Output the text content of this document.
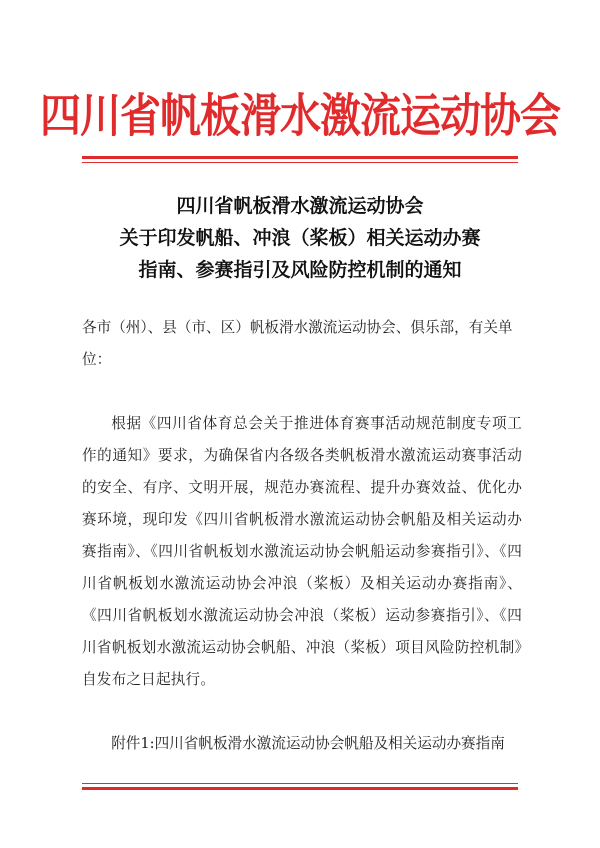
四川省帆板滑水激流运动协会
四川省帆板滑水激流运动协会
关于印发帆船、冲浪（桨板）相关运动办赛
指南、参赛指引及风险防控机制的通知
各市（州）、县（市、区）帆板滑水激流运动协会、俱乐部，有关单位：
根据《四川省体育总会关于推进体育赛事活动规范制度专项工作的通知》要求，为确保省内各级各类帆板滑水激流运动赛事活动的安全、有序、文明开展，规范办赛流程、提升办赛效益、优化办赛环境，现印发《四川省帆板滑水激流运动协会帆船及相关运动办赛指南》、《四川省帆板划水激流运动协会帆船运动参赛指引》、《四川省帆板划水激流运动协会冲浪（桨板）及相关运动办赛指南》、《四川省帆板划水激流运动协会冲浪（桨板）运动参赛指引》、《四川省帆板划水激流运动协会帆船、冲浪（桨板）项目风险防控机制》自发布之日起执行。
附件1:四川省帆板滑水激流运动协会帆船及相关运动办赛指南
